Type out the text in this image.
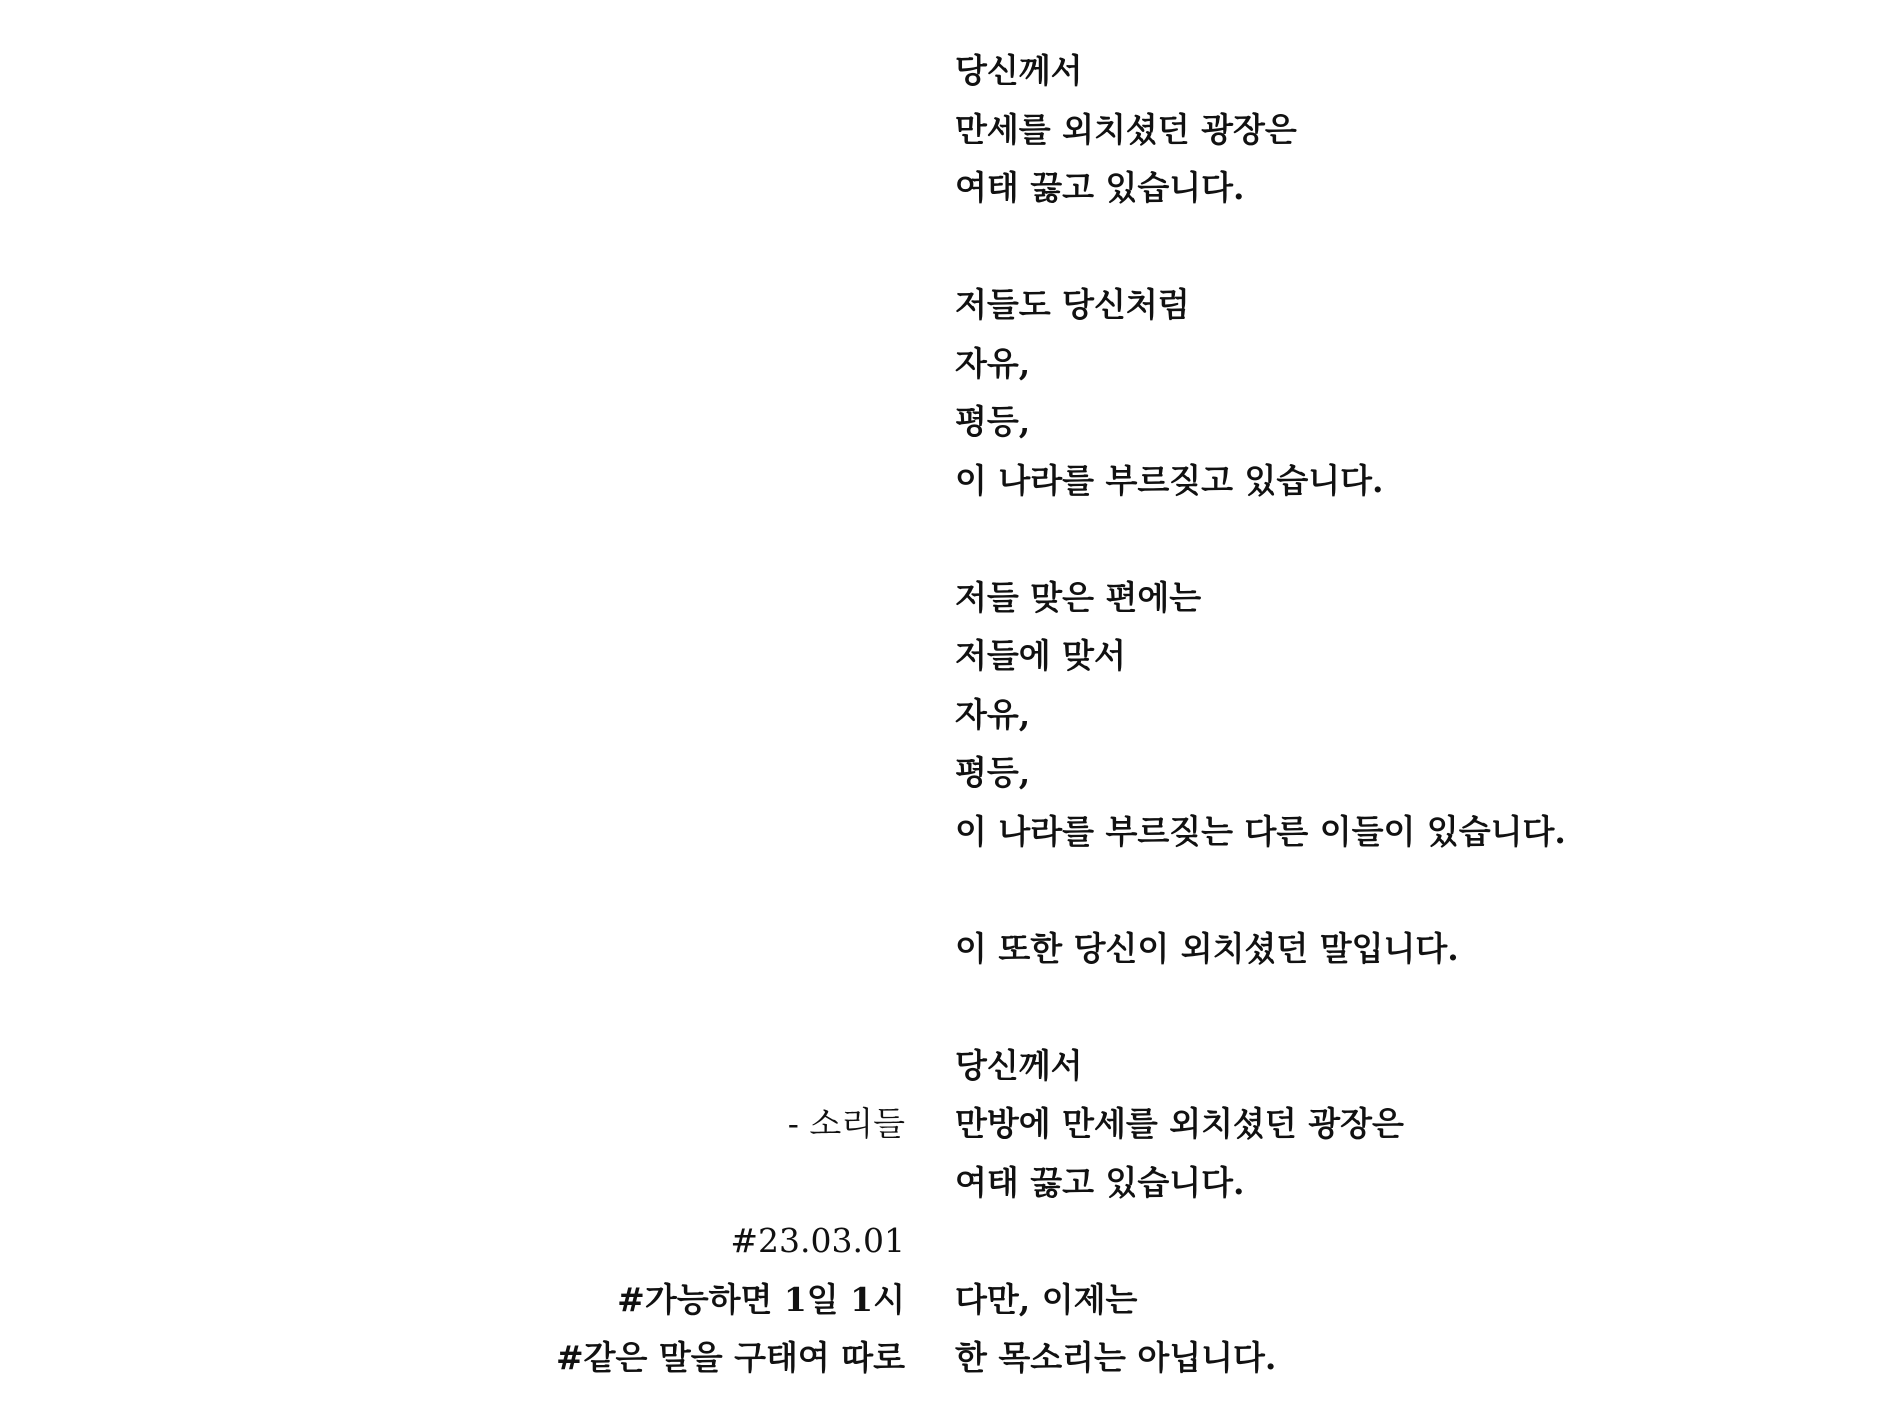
당신께서
만세를 외치셨던 광장은
여태 끓고 있습니다.
저들도 당신처럼
자유,
평등,
이 나라를 부르짖고 있습니다.
저들 맞은 편에는
저들에 맞서
자유,
평등,
이 나라를 부르짖는 다른 이들이 있습니다.
이 또한 당신이 외치셨던 말입니다.
당신께서
만방에 만세를 외치셨던 광장은
여태 끓고 있습니다.
다만, 이제는
한 목소리는 아닙니다.
- 소리들
#23.03.01
#가능하면 1일 1시
#같은 말을 구태여 따로
